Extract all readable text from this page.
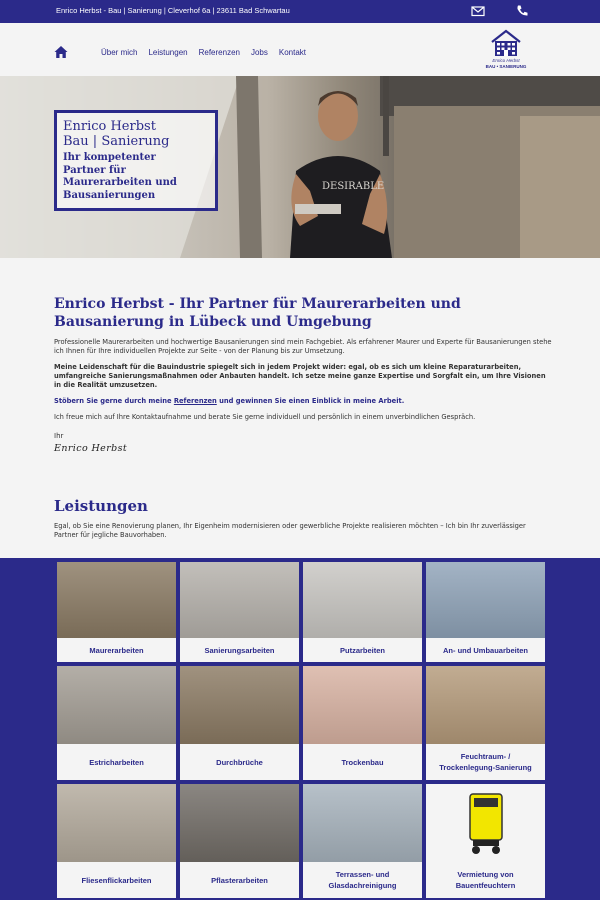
Enrico Herbst - Bau | Sanierung | Cleverhof 6a | 23611 Bad Schwartau
Über mich Leistungen Referenzen Jobs Kontakt
Enrico Herbst
BAU • SANIERUNG
DESIRABLE
Enrico Herbst
Bau | Sanierung
Ihr kompetenter
Partner für
Maurerarbeiten und
Bausanierungen
Enrico Herbst - Ihr Partner für Maurerarbeiten und Bausanierung in Lübeck und Umgebung
Professionelle Maurerarbeiten und hochwertige Bausanierungen sind mein Fachgebiet. Als erfahrener Maurer und Experte für Bausanierungen stehe ich Ihnen für Ihre individuellen Projekte zur Seite - von der Planung bis zur Umsetzung.
Meine Leidenschaft für die Bauindustrie spiegelt sich in jedem Projekt wider: egal, ob es sich um kleine Reparaturarbeiten, umfangreiche Sanierungsmaßnahmen oder Anbauten handelt. Ich setze meine ganze Expertise und Sorgfalt ein, um Ihre Visionen in die Realität umzusetzen.
Stöbern Sie gerne durch meine Referenzen und gewinnen Sie einen Einblick in meine Arbeit.
Ich freue mich auf Ihre Kontaktaufnahme und berate Sie gerne individuell und persönlich in einem unverbindlichen Gespräch.
Ihr
Enrico Herbst
Leistungen
Egal, ob Sie eine Renovierung planen, Ihr Eigenheim modernisieren oder gewerbliche Projekte realisieren möchten – Ich bin Ihr zuverlässiger Partner für jegliche Bauvorhaben.
Maurerarbeiten	Sanierungsarbeiten	Putzarbeiten	An- und Umbauarbeiten
Estricharbeiten	Durchbrüche	Trockenbau
Feuchtraum- / Trockenlegung-Sanierung
Fliesenflickarbeiten	Pflasterarbeiten
Terrassen- und Glasdachreinigung
Vermietung von Bauentfeuchtern
